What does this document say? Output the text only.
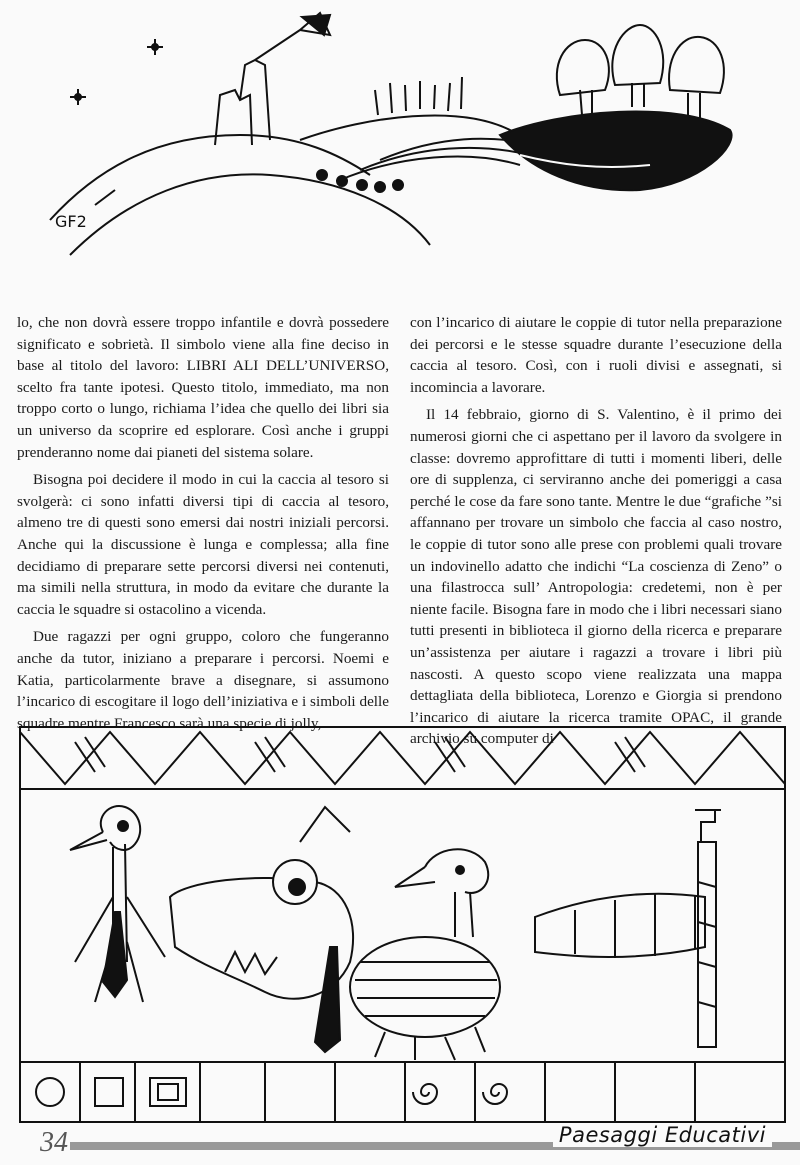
GF2

lo, che non dovrà essere troppo infantile e dovrà possedere significato e sobrietà. Il simbolo viene alla fine deciso in base al titolo del lavoro: LIBRI ALI DELL’UNIVERSO, scelto fra tante ipotesi. Questo titolo, immediato, ma non troppo corto o lungo, richiama l’idea che quello dei libri sia un universo da scoprire ed esplorare. Così anche i gruppi prenderanno nome dai pianeti del sistema solare.

Bisogna poi decidere il modo in cui la caccia al tesoro si svolgerà: ci sono infatti diversi tipi di caccia al tesoro, almeno tre di questi sono emersi dai nostri iniziali percorsi. Anche qui la discussione è lunga e complessa; alla fine decidiamo di preparare sette percorsi diversi nei contenuti, ma simili nella struttura, in modo da evitare che durante la caccia le squadre si ostacolino a vicenda.

Due ragazzi per ogni gruppo, coloro che fungeranno anche da tutor, iniziano a preparare i percorsi. Noemi e Katia, particolarmente brave a disegnare, si assumono l’incarico di escogitare il logo dell’iniziativa e i simboli delle squadre mentre Francesco sarà una specie di jolly,

con l’incarico di aiutare le coppie di tutor nella preparazione dei percorsi e le stesse squadre durante l’esecuzione della caccia al tesoro. Così, con i ruoli divisi e assegnati, si incomincia a lavorare.

Il 14 febbraio, giorno di S. Valentino, è il primo dei numerosi giorni che ci aspettano per il lavoro da svolgere in classe: dovremo approfittare di tutti i momenti liberi, delle ore di supplenza, ci serviranno anche dei pomeriggi a casa perché le cose da fare sono tante. Mentre le due “grafiche ”si affannano per trovare un simbolo che faccia al caso nostro, le coppie di tutor sono alle prese con problemi quali trovare un indovinello adatto che indichi “La coscienza di Zeno” o una filastrocca sull’ Antropologia: credetemi, non è per niente facile. Bisogna fare in modo che i libri necessari siano tutti presenti in biblioteca il giorno della ricerca e preparare un’assistenza per aiutare i ragazzi a trovare i libri più nascosti. A questo scopo viene realizzata una mappa dettagliata della biblioteca, Lorenzo e Giorgia si prendono l’incarico di aiutare la ricerca tramite OPAC, il grande archivio su computer di

34	Paesaggi Educativi
